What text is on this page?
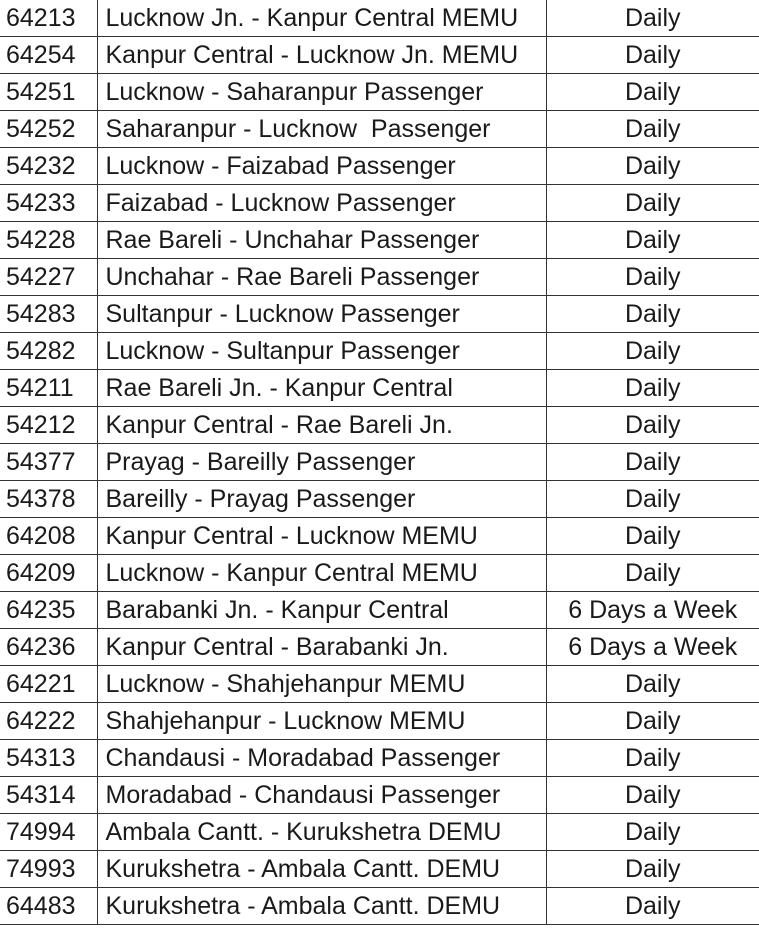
64213	Lucknow Jn. - Kanpur Central MEMU	Daily
64254	Kanpur Central - Lucknow Jn. MEMU	Daily
54251	Lucknow - Saharanpur Passenger	Daily
54252	Saharanpur - Lucknow  Passenger	Daily
54232	Lucknow - Faizabad Passenger	Daily
54233	Faizabad - Lucknow Passenger	Daily
54228	Rae Bareli - Unchahar Passenger	Daily
54227	Unchahar - Rae Bareli Passenger	Daily
54283	Sultanpur - Lucknow Passenger	Daily
54282	Lucknow - Sultanpur Passenger	Daily
54211	Rae Bareli Jn. - Kanpur Central	Daily
54212	Kanpur Central - Rae Bareli Jn.	Daily
54377	Prayag - Bareilly Passenger	Daily
54378	Bareilly - Prayag Passenger	Daily
64208	Kanpur Central - Lucknow MEMU	Daily
64209	Lucknow - Kanpur Central MEMU	Daily
64235	Barabanki Jn. - Kanpur Central	6 Days a Week
64236	Kanpur Central - Barabanki Jn.	6 Days a Week
64221	Lucknow - Shahjehanpur MEMU	Daily
64222	Shahjehanpur - Lucknow MEMU	Daily
54313	Chandausi - Moradabad Passenger	Daily
54314	Moradabad - Chandausi Passenger	Daily
74994	Ambala Cantt. - Kurukshetra DEMU	Daily
74993	Kurukshetra - Ambala Cantt. DEMU	Daily
64483	Kurukshetra - Ambala Cantt. DEMU	Daily
